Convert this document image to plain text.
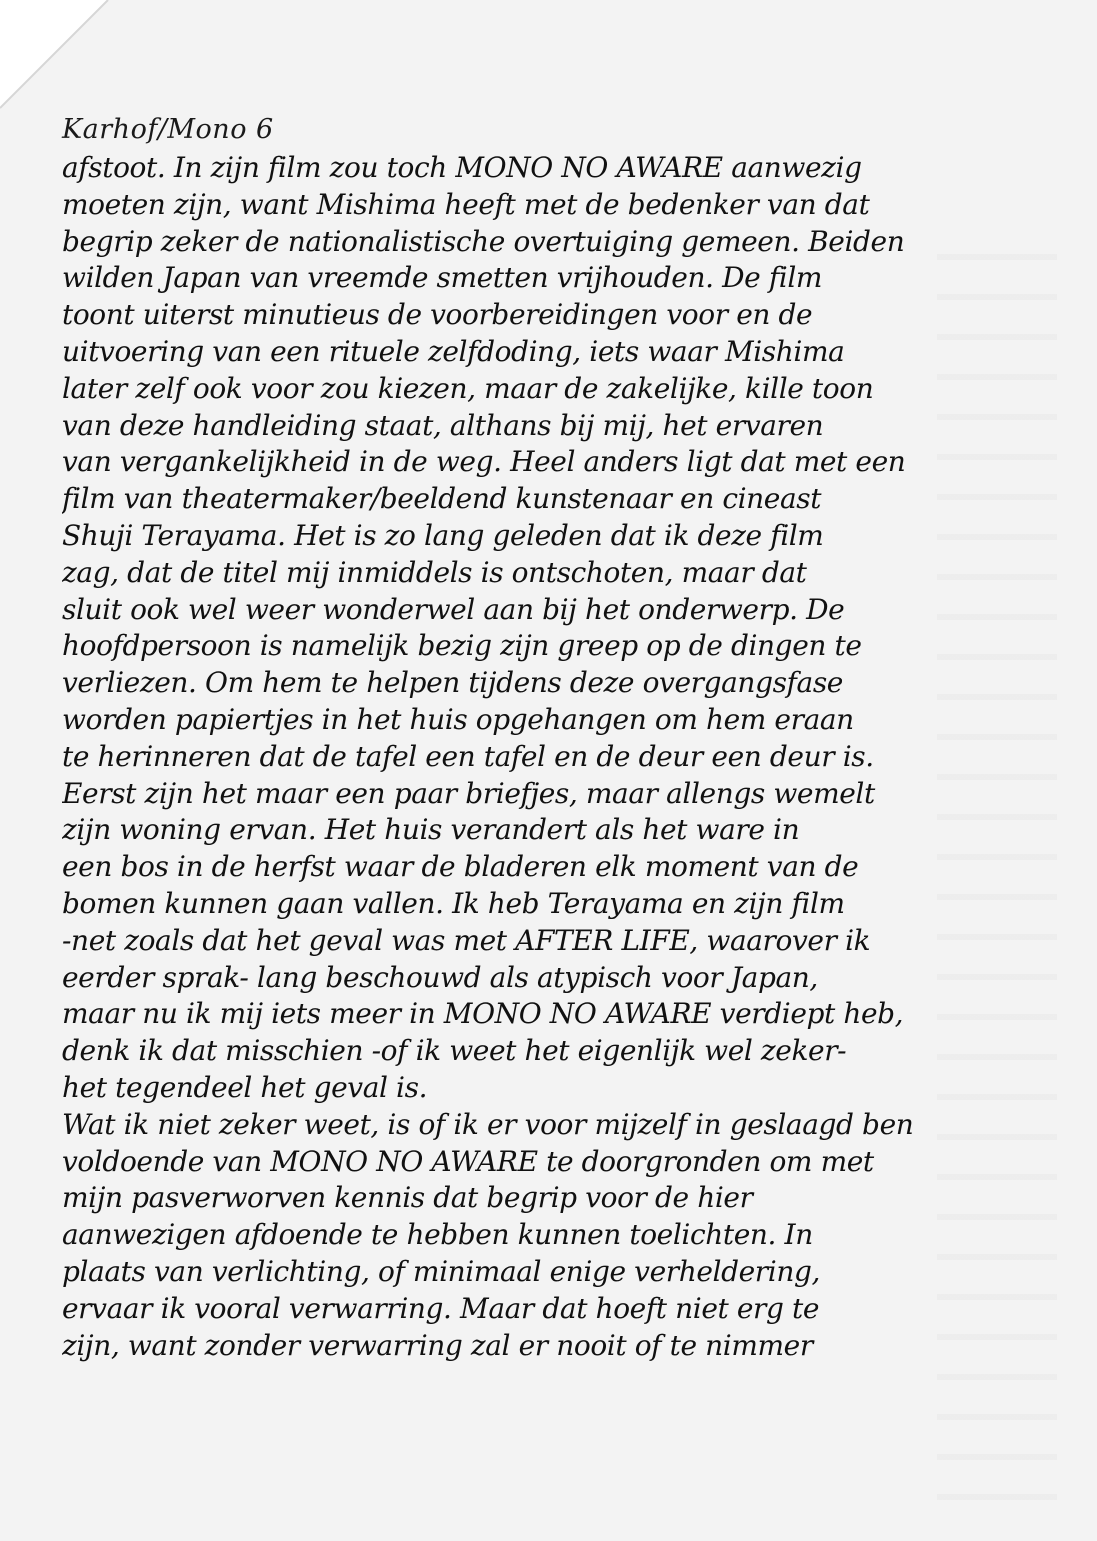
Karhof/Mono 6
afstoot. In zijn film zou toch MONO NO AWARE aanwezig
moeten zijn, want Mishima heeft met de bedenker van dat
begrip zeker de nationalistische overtuiging gemeen. Beiden
wilden Japan van vreemde smetten vrijhouden. De film
toont uiterst minutieus de voorbereidingen voor en de
uitvoering van een rituele zelfdoding, iets waar Mishima
later zelf ook voor zou kiezen, maar de zakelijke, kille toon
van deze handleiding staat, althans bij mij, het ervaren
van vergankelijkheid in de weg. Heel anders ligt dat met een
film van theatermaker/beeldend kunstenaar en cineast
Shuji Terayama. Het is zo lang geleden dat ik deze film
zag, dat de titel mij inmiddels is ontschoten, maar dat
sluit ook wel weer wonderwel aan bij het onderwerp. De
hoofdpersoon is namelijk bezig zijn greep op de dingen te
verliezen. Om hem te helpen tijdens deze overgangsfase
worden papiertjes in het huis opgehangen om hem eraan
te herinneren dat de tafel een tafel en de deur een deur is.
Eerst zijn het maar een paar briefjes, maar allengs wemelt
zijn woning ervan. Het huis verandert als het ware in
een bos in de herfst waar de bladeren elk moment van de
bomen kunnen gaan vallen. Ik heb Terayama en zijn film
-net zoals dat het geval was met AFTER LIFE, waarover ik
eerder sprak- lang beschouwd als atypisch voor Japan,
maar nu ik mij iets meer in MONO NO AWARE verdiept heb,
denk ik dat misschien -of ik weet het eigenlijk wel zeker-
het tegendeel het geval is.
Wat ik niet zeker weet, is of ik er voor mijzelf in geslaagd ben
voldoende van MONO NO AWARE te doorgronden om met
mijn pasverworven kennis dat begrip voor de hier
aanwezigen afdoende te hebben kunnen toelichten. In
plaats van verlichting, of minimaal enige verheldering,
ervaar ik vooral verwarring. Maar dat hoeft niet erg te
zijn, want zonder verwarring zal er nooit of te nimmer
